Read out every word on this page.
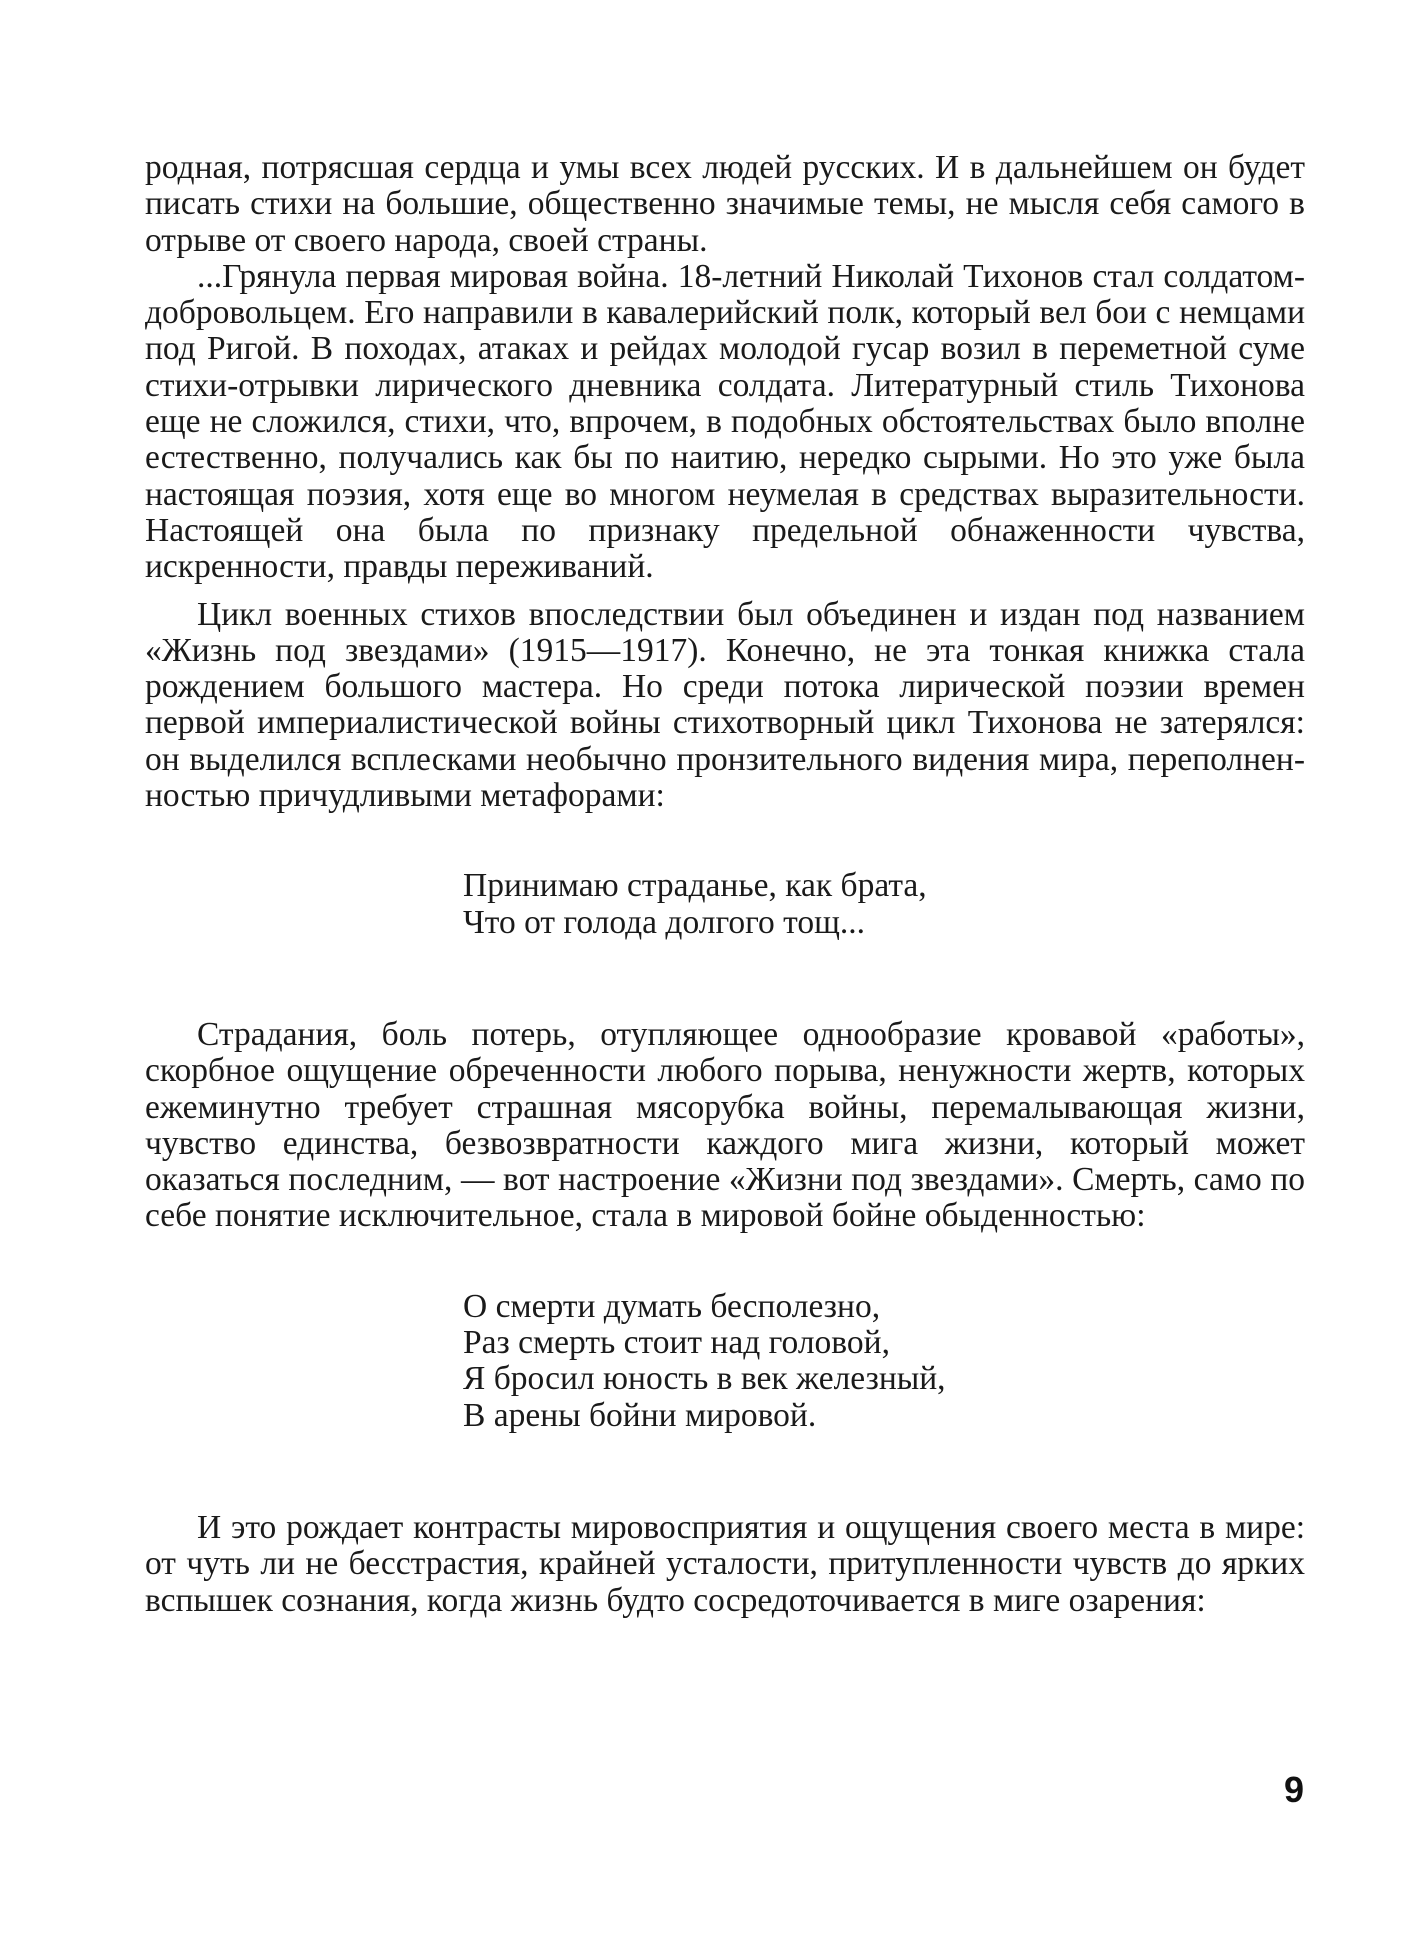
родная, потрясшая сердца и умы всех людей русских. И в дальнейшем он будет писать стихи на большие, общественно значимые темы, не мысля себя самого в отрыве от своего народа, своей страны.

...Грянула первая мировая война. 18-летний Николай Тихонов стал солдатом-добровольцем. Его направили в кавалерийский полк, который вел бои с немцами под Ригой. В походах, атаках и рейдах молодой гусар возил в переметной суме стихи-отрывки лирического дневника солдата. Литературный стиль Тихонова еще не сложился, стихи, что, впрочем, в подобных обстоятельствах было вполне естественно, получались как бы по наитию, нередко сырыми. Но это уже была настоящая поэзия, хотя еще во многом неумелая в средствах выразительности. Настоящей она была по признаку предельной обнаженности чувства, искренности, правды переживаний.

Цикл военных стихов впоследствии был объединен и издан под названием «Жизнь под звездами» (1915—1917). Конечно, не эта тонкая книжка стала рождением большого мастера. Но среди потока лирической поэзии времен первой империалистической войны стихотворный цикл Тихонова не затерялся: он выделился всплесками необычно пронзительного видения мира, переполненностью причудливыми метафорами:

Принимаю страданье, как брата,
Что от голода долгого тощ...

Страдания, боль потерь, отупляющее однообразие кровавой «работы», скорбное ощущение обреченности любого порыва, ненужности жертв, которых ежеминутно требует страшная мясорубка войны, перемалывающая жизни, чувство единства, безвозвратности каждого мига жизни, который может оказаться последним, — вот настроение «Жизни под звездами». Смерть, само по себе понятие исключительное, стала в мировой бойне обыденностью:

О смерти думать бесполезно,
Раз смерть стоит над головой,
Я бросил юность в век железный,
В арены бойни мировой.

И это рождает контрасты мировосприятия и ощущения своего места в мире: от чуть ли не бесстрастия, крайней усталости, притупленности чувств до ярких вспышек сознания, когда жизнь будто сосредоточивается в миге озарения:

9
